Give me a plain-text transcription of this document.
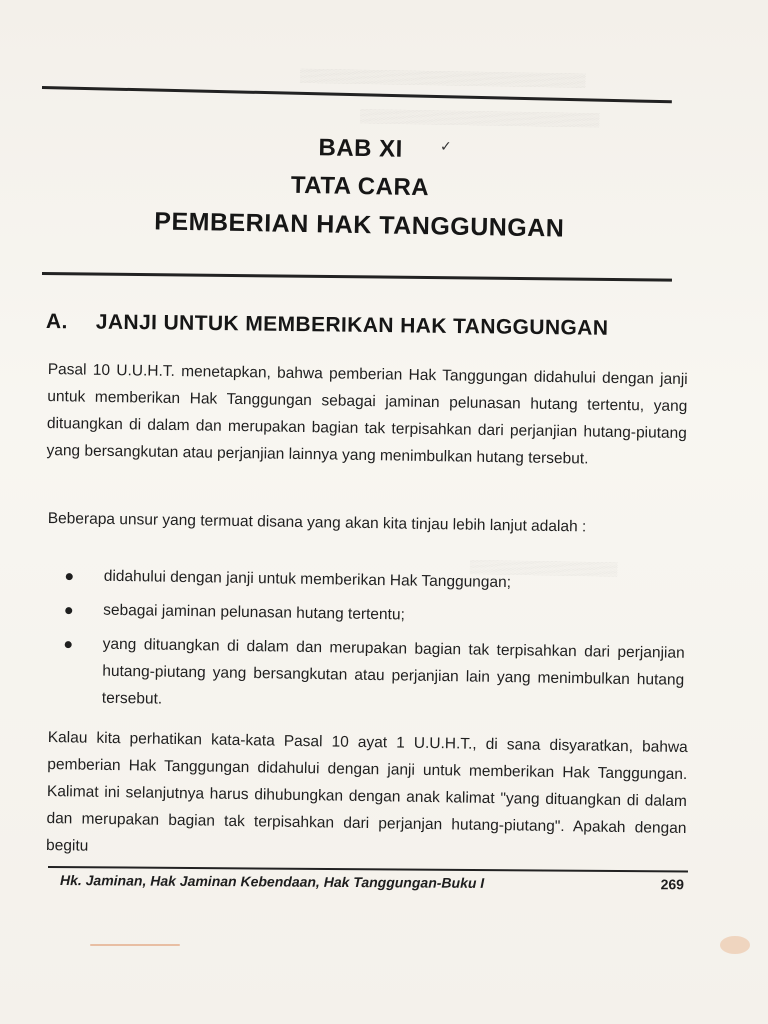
▒▒▒▒▒▒▒▒▒▒▒▒▒▒▒▒▒▒▒▒▒▒▒▒▒▒▒▒▒▒▒
▒▒▒▒▒▒▒▒▒▒▒▒▒▒▒▒▒▒▒▒▒▒▒▒▒▒
▒▒▒▒▒▒▒▒▒▒▒▒▒▒▒▒
BAB XI
TATA CARA
PEMBERIAN HAK TANGGUNGAN
✓
A. JANJI UNTUK MEMBERIKAN HAK TANGGUNGAN
Pasal 10 U.U.H.T. menetapkan, bahwa pemberian Hak Tanggungan didahului dengan janji untuk memberikan Hak Tanggungan sebagai jaminan pelunasan hutang tertentu, yang dituangkan di dalam dan merupakan bagian tak terpisahkan dari perjanjian hutang-piutang yang bersangkutan atau perjanjian lainnya yang menimbulkan hutang tersebut.
Beberapa unsur yang termuat disana yang akan kita tinjau lebih lanjut adalah :
didahului dengan janji untuk memberikan Hak Tanggungan;
sebagai jaminan pelunasan hutang tertentu;
yang dituangkan di dalam dan merupakan bagian tak terpisahkan dari perjanjian hutang-piutang yang bersangkutan atau perjanjian lain yang menimbulkan hutang tersebut.
Kalau kita perhatikan kata-kata Pasal 10 ayat 1 U.U.H.T., di sana disyaratkan, bahwa pemberian Hak Tanggungan didahului dengan janji untuk memberikan Hak Tanggungan. Kalimat ini selanjutnya harus dihubungkan dengan anak kalimat "yang dituangkan di dalam dan merupakan bagian tak terpisahkan dari perjanjan hutang-piutang". Apakah dengan begitu
Hk. Jaminan, Hak Jaminan Kebendaan, Hak Tanggungan-Buku I	269
